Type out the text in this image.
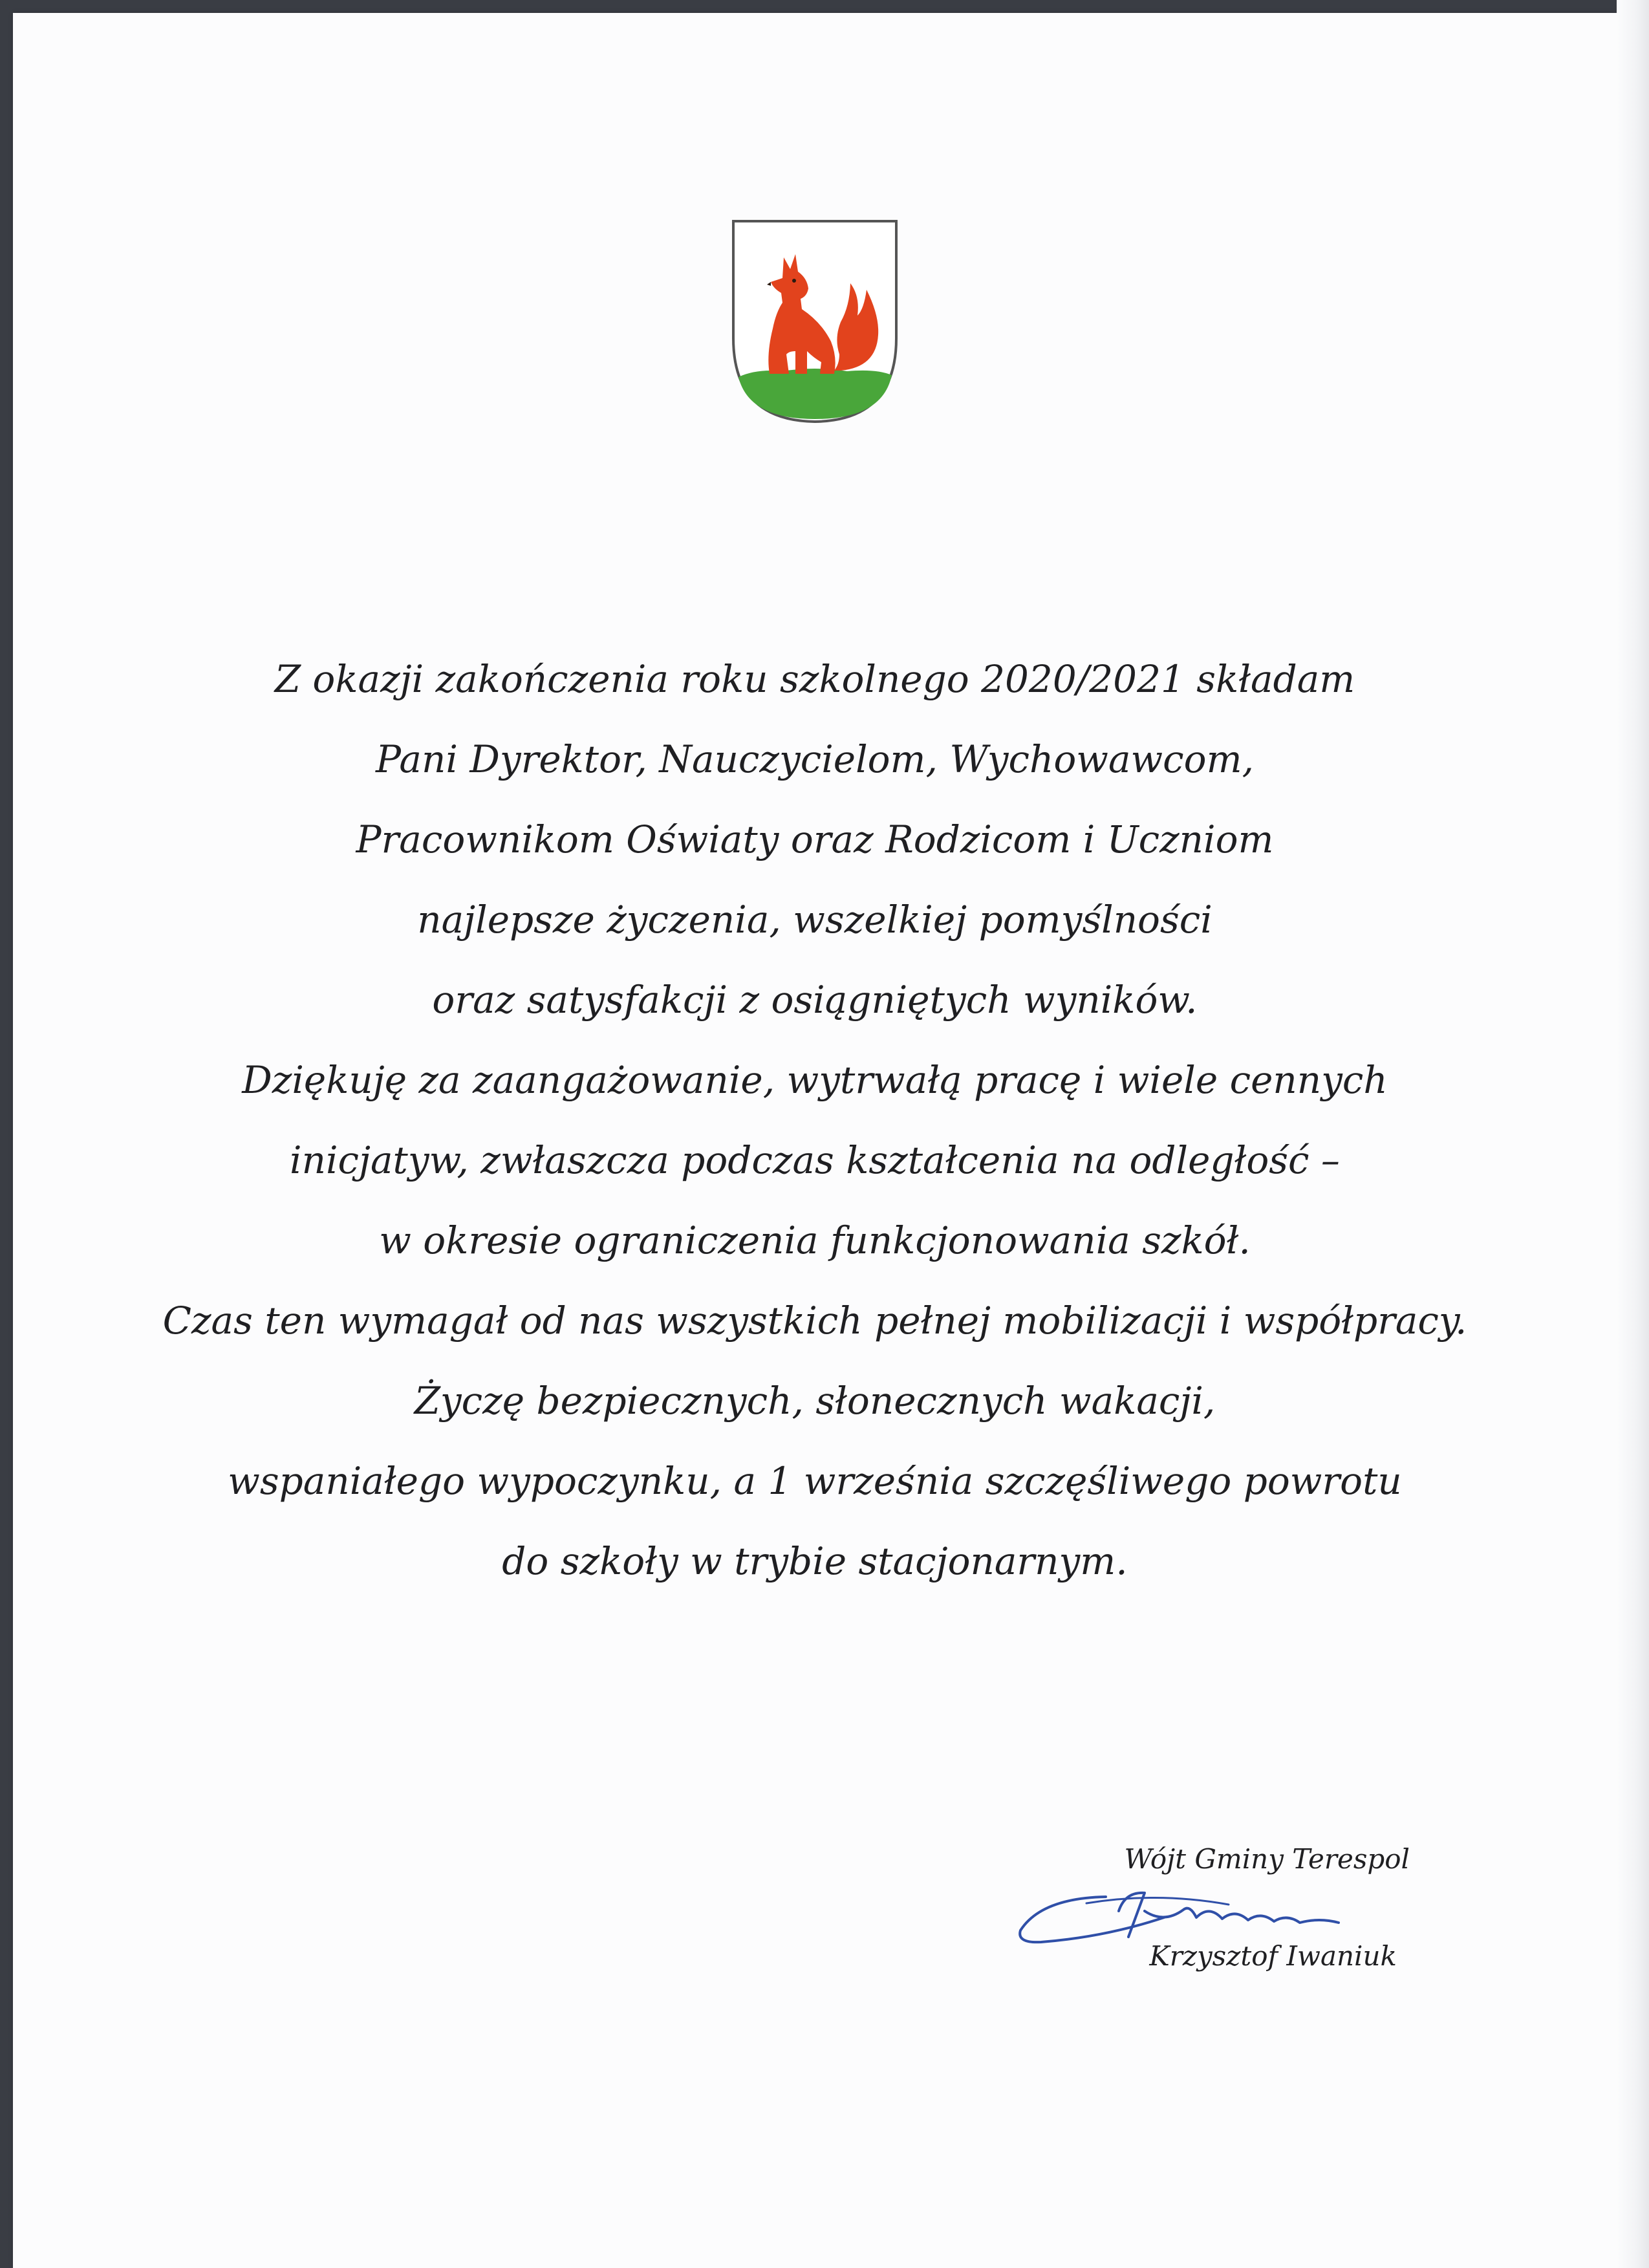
Z okazji zakończenia roku szkolnego 2020/2021 składam
Pani Dyrektor, Nauczycielom, Wychowawcom,
Pracownikom Oświaty oraz Rodzicom i Uczniom
najlepsze życzenia, wszelkiej pomyślności
oraz satysfakcji z osiągniętych wyników.
Dziękuję za zaangażowanie, wytrwałą pracę i wiele cennych
inicjatyw, zwłaszcza podczas kształcenia na odległość –
w okresie ograniczenia funkcjonowania szkół.
Czas ten wymagał od nas wszystkich pełnej mobilizacji i współpracy.
Życzę bezpiecznych, słonecznych wakacji,
wspaniałego wypoczynku, a 1 września szczęśliwego powrotu
do szkoły w trybie stacjonarnym.
Wójt Gminy Terespol
Krzysztof Iwaniuk
